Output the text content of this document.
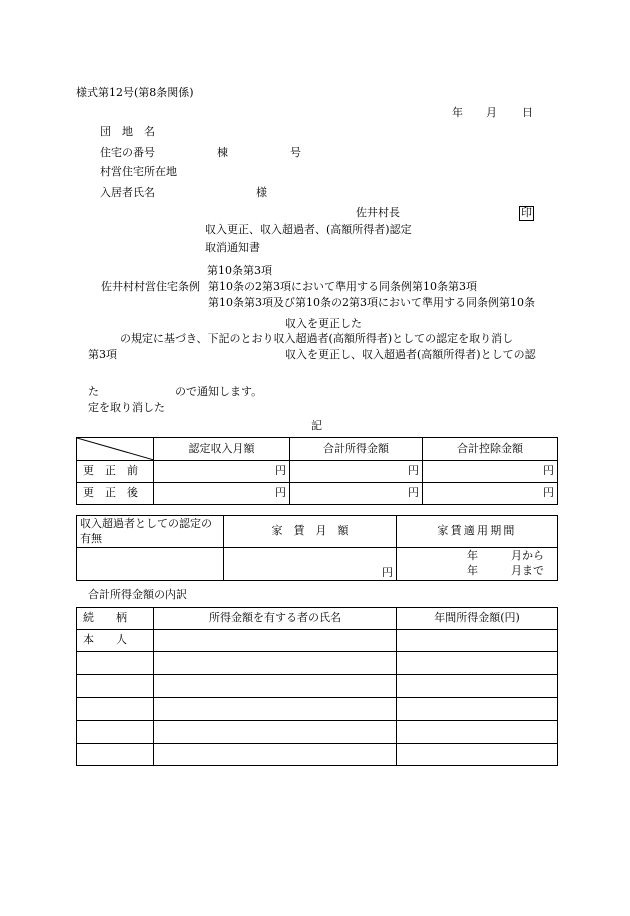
様式第12号(第8条関係)
年 月 日
団　地　名
住宅の番号	棟	号
村営住宅所在地
入居者氏名	様
佐井村長	印
収入更正、収入超過者、(高額所得者)認定
取消通知書
第10条第3項
佐井村村営住宅条例 第10条の2第3項において準用する同条例第10条第3項
第10条第3項及び第10条の2第3項において準用する同条例第10条
収入を更正した
の規定に基づき、下記のとおり収入超過者(高額所得者)としての認定を取り消し
第3項	収入を更正し、収入超過者(高額所得者)としての認
た	ので通知します。
定を取り消した
記
	認定収入月額	合計所得金額	合計控除金額
更　正　前	円	円	円
更　正　後	円	円	円
収入超過者としての認定の有無	家　賃　月　額	家賃適用期間
	円	年 月から
年 月まで
合計所得金額の内訳
続　　柄	所得金額を有する者の氏名	年間所得金額(円)
本　　人		
